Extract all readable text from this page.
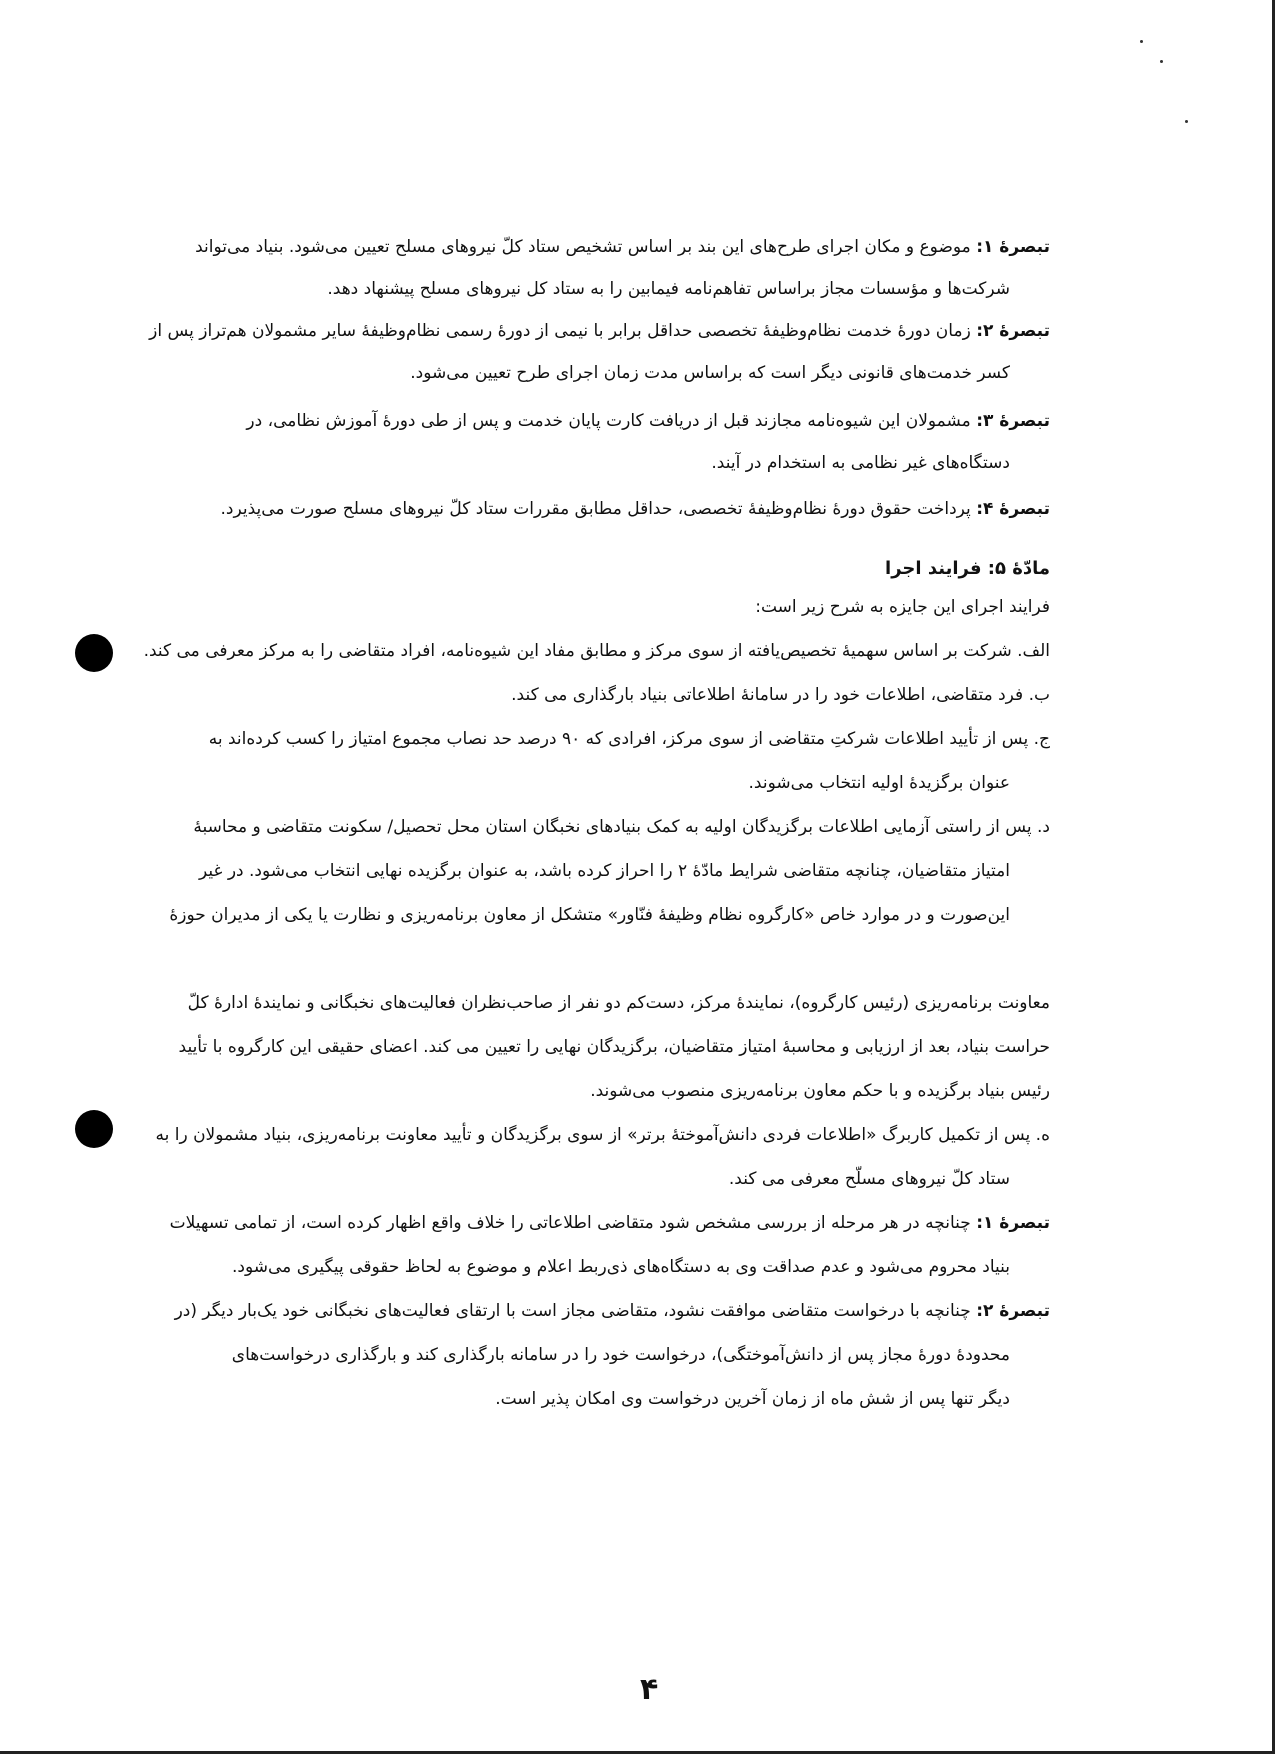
تبصرهٔ ۱: موضوع و مکان اجرای طرح‌های این بند بر اساس تشخیص ستاد کلّ نیروهای مسلح تعیین می‌شود. بنیاد می‌تواند
شرکت‌ها و مؤسسات مجاز براساس تفاهم‌نامه فیمابین را به ستاد کل نیروهای مسلح پیشنهاد دهد.
تبصرهٔ ۲: زمان دورهٔ خدمت نظام‌وظیفهٔ تخصصی حداقل برابر با نیمی از دورهٔ رسمی نظام‌وظیفهٔ سایر مشمولان هم‌تراز پس از
کسر خدمت‌های قانونی دیگر است که براساس مدت زمان اجرای طرح تعیین می‌شود.
تبصرهٔ ۳: مشمولان این شیوه‌نامه مجازند قبل از دریافت کارت پایان خدمت و پس از طی دورهٔ آموزش نظامی، در
دستگاه‌های غیر نظامی به استخدام در آیند.
تبصرهٔ ۴: پرداخت حقوق دورهٔ نظام‌وظیفهٔ تخصصی، حداقل مطابق مقررات ستاد کلّ نیروهای مسلح صورت می‌پذیرد.
مادّهٔ ۵: فرایند اجرا
فرایند اجرای این جایزه به شرح زیر است:
الف. شرکت بر اساس سهمیهٔ تخصیص‌یافته از سوی مرکز و مطابق مفاد این شیوه‌نامه، افراد متقاضی را به مرکز معرفی می کند.
ب. فرد متقاضی، اطلاعات خود را در سامانهٔ اطلاعاتی بنیاد بارگذاری می کند.
ج. پس از تأیید اطلاعات شرکتِ متقاضی از سوی مرکز، افرادی که ۹۰ درصد حد نصاب مجموع امتیاز را کسب کرده‌اند به
عنوان برگزیدهٔ اولیه انتخاب می‌شوند.
د. پس از راستی آزمایی اطلاعات برگزیدگان اولیه به کمک بنیادهای نخبگان استان محل تحصیل/ سکونت متقاضی و محاسبهٔ
امتیاز متقاضیان، چنانچه متقاضی شرایط مادّهٔ ۲ را احراز کرده باشد، به عنوان برگزیده نهایی انتخاب می‌شود. در غیر
این‌صورت و در موارد خاص «کارگروه نظام وظیفهٔ فنّاور» متشکل از معاون برنامه‌ریزی و نظارت یا یکی از مدیران حوزهٔ
معاونت برنامه‌ریزی (رئیس کارگروه)، نمایندهٔ مرکز، دست‌کم دو نفر از صاحب‌نظران فعالیت‌های نخبگانی و نمایندهٔ ادارهٔ کلّ
حراست بنیاد، بعد از ارزیابی و محاسبهٔ امتیاز متقاضیان، برگزیدگان نهایی را تعیین می کند. اعضای حقیقی این کارگروه با تأیید
رئیس بنیاد برگزیده و با حکم معاون برنامه‌ریزی منصوب می‌شوند.
ه. پس از تکمیل کاربرگ «اطلاعات فردی دانش‌آموختهٔ برتر» از سوی برگزیدگان و تأیید معاونت برنامه‌ریزی، بنیاد مشمولان را به
ستاد کلّ نیروهای مسلّح معرفی می کند.
تبصرهٔ ۱: چنانچه در هر مرحله از بررسی مشخص شود متقاضی اطلاعاتی را خلاف واقع اظهار کرده است، از تمامی تسهیلات
بنیاد محروم می‌شود و عدم صداقت وی به دستگاه‌های ذی‌ربط اعلام و موضوع به لحاظ حقوقی پیگیری می‌شود.
تبصرهٔ ۲: چنانچه با درخواست متقاضی موافقت نشود، متقاضی مجاز است با ارتقای فعالیت‌های نخبگانی خود یک‌بار دیگر (در
محدودهٔ دورهٔ مجاز پس از دانش‌آموختگی)، درخواست خود را در سامانه بارگذاری کند و بارگذاری درخواست‌های
دیگر تنها پس از شش ماه از زمان آخرین درخواست وی امکان پذیر است.
۴
